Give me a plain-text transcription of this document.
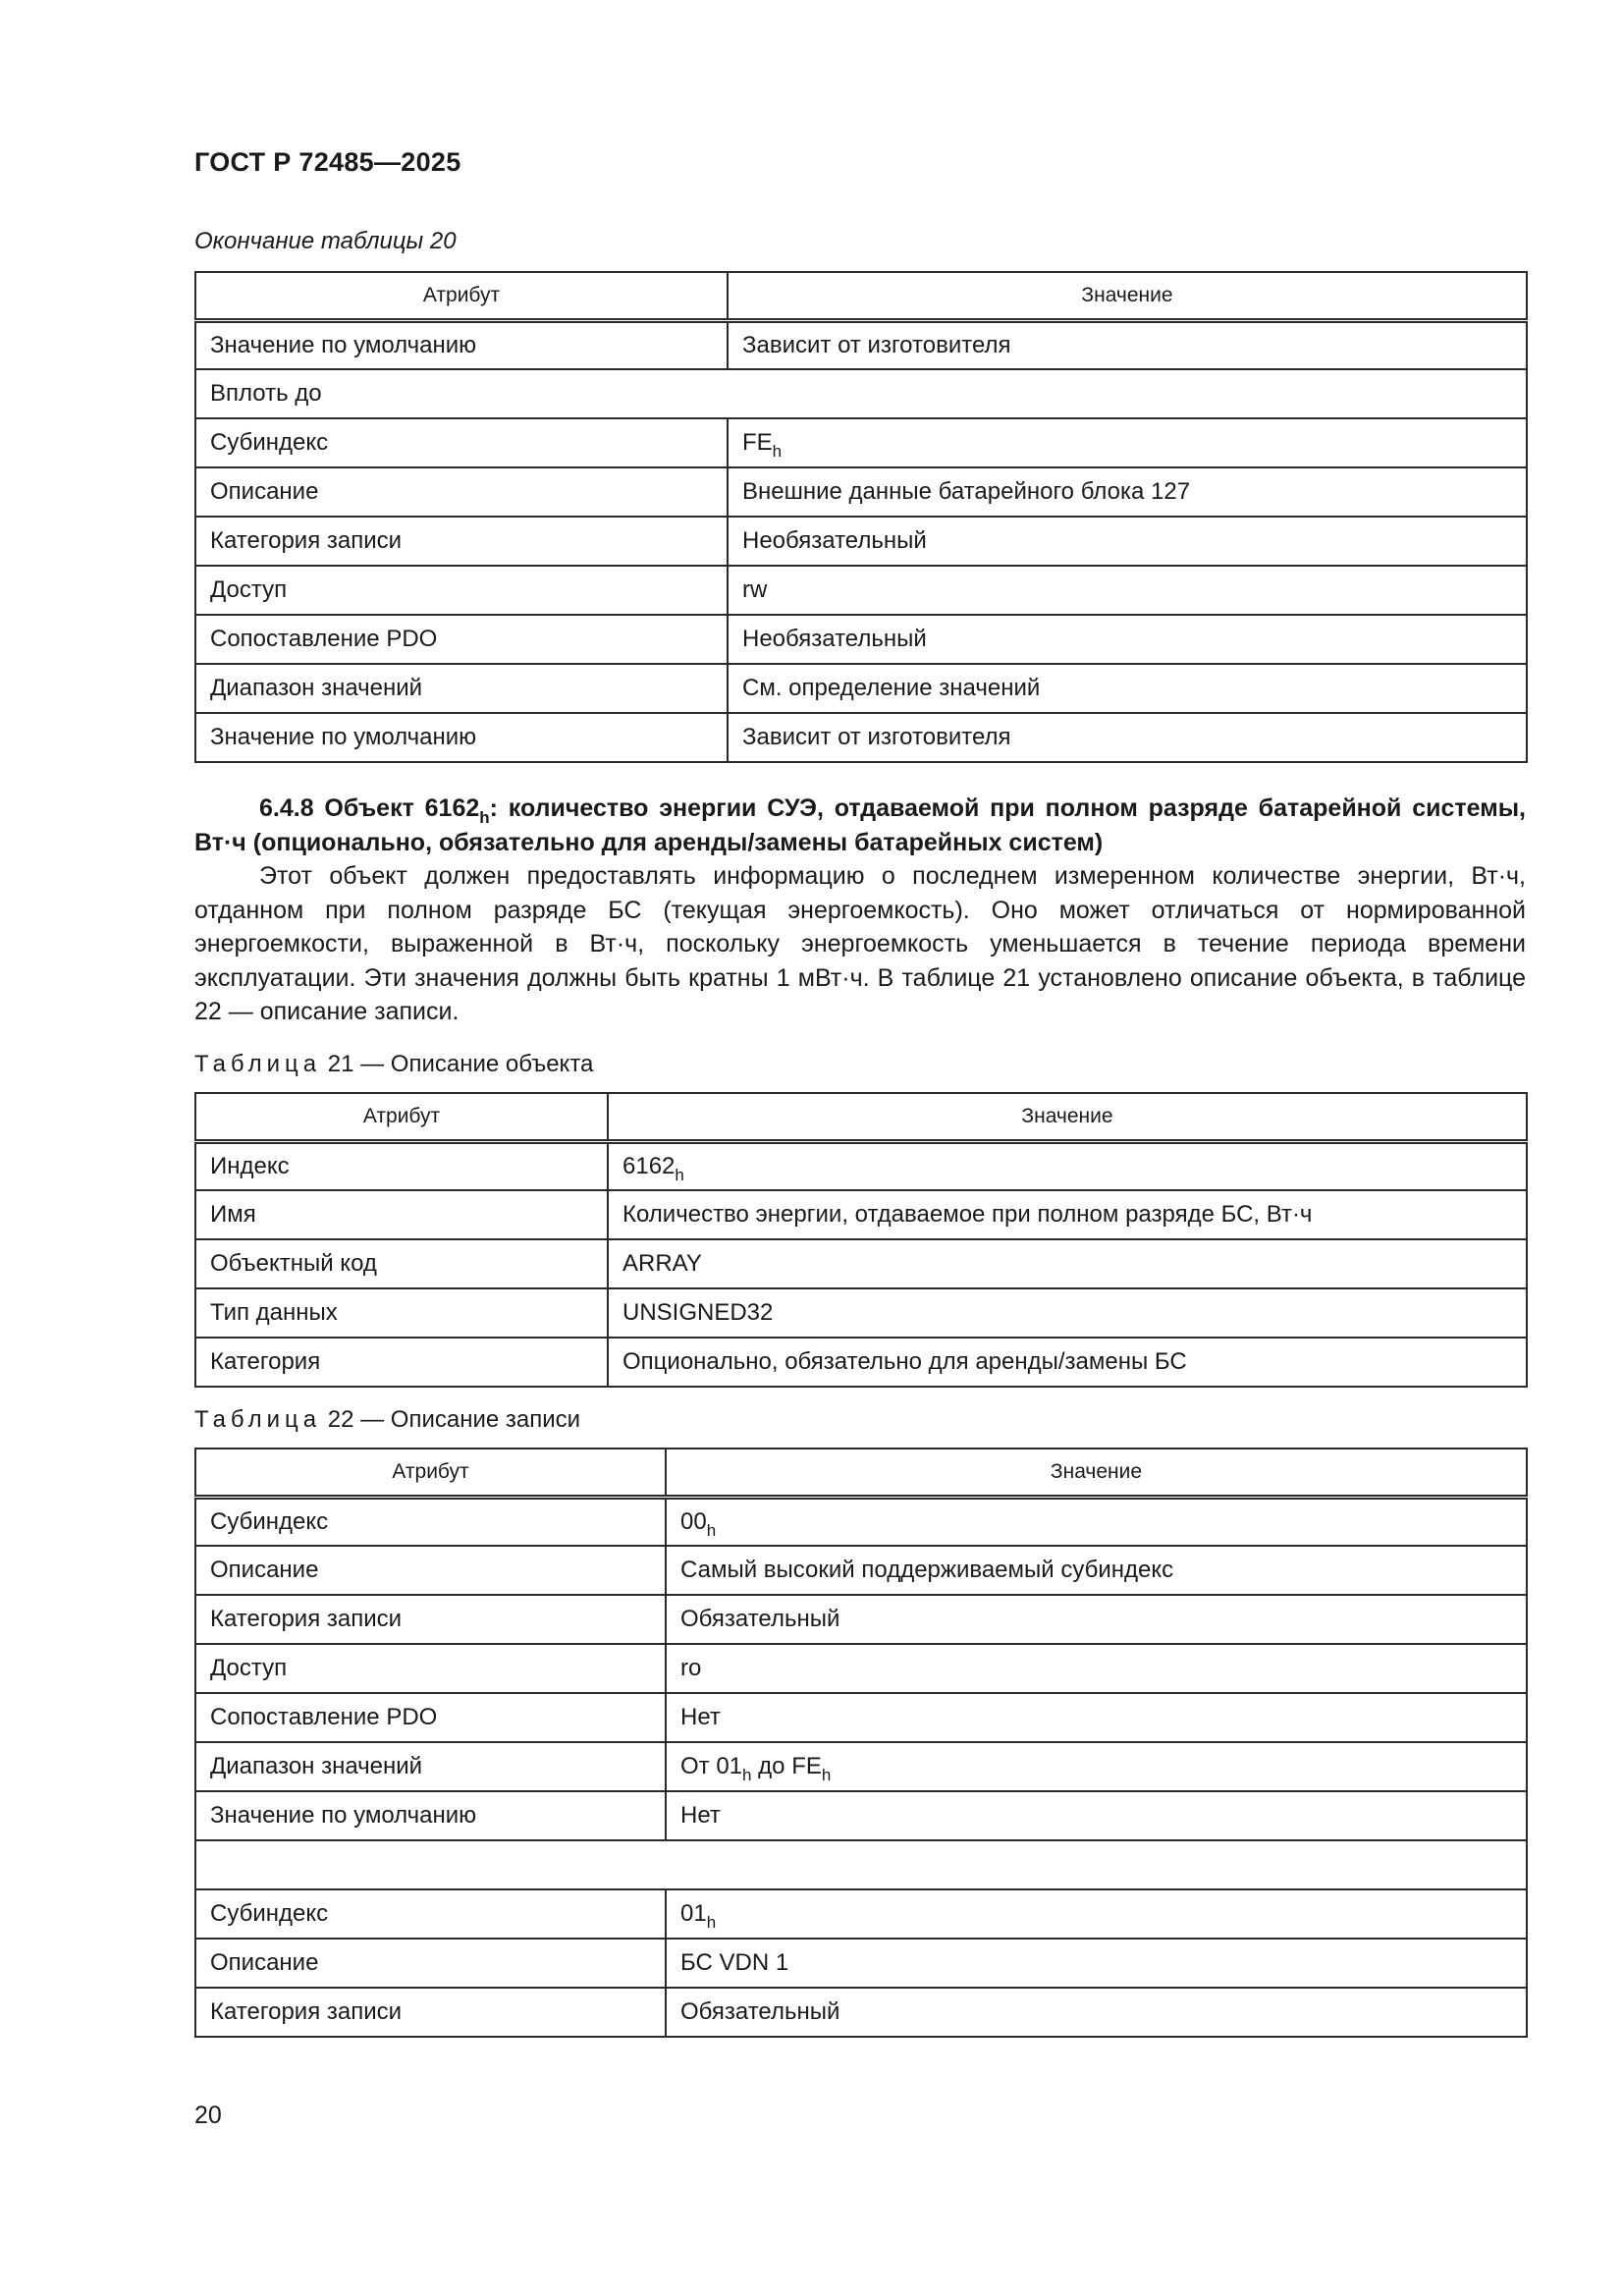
ГОСТ Р 72485—2025
Окончание таблицы 20
Атрибут	Значение
Значение по умолчанию	Зависит от изготовителя
Вплоть до	
Субиндекс	$FE_h$
Описание	Внешние данные батарейного блока 127
Категория записи	Необязательный
Доступ	rw
Сопоставление PDO	Необязательный
Диапазон значений	См. определение значений
Значение по умолчанию	Зависит от изготовителя

6.4.8 Объект $6162_h$: количество энергии СУЭ, отдаваемой при полном разряде батарейной системы, Вт·ч (опционально, обязательно для аренды/замены батарейных систем)

Этот объект должен предоставлять информацию о последнем измеренном количестве энергии, Вт·ч, отданном при полном разряде БС (текущая энергоемкость). Оно может отличаться от нормированной энергоемкости, выраженной в Вт·ч, поскольку энергоемкость уменьшается в течение периода времени эксплуатации. Эти значения должны быть кратны 1 мВт·ч. В таблице 21 установлено описание объекта, в таблице 22 — описание записи.

Таблица 21 — Описание объекта
Атрибут	Значение
Индекс	$6162_h$
Имя	Количество энергии, отдаваемое при полном разряде БС, Вт·ч
Объектный код	ARRAY
Тип данных	UNSIGNED32
Категория	Опционально, обязательно для аренды/замены БС
Таблица 22 — Описание записи
Атрибут	Значение
Субиндекс	$00_h$
Описание	Самый высокий поддерживаемый субиндекс
Категория записи	Обязательный
Доступ	ro
Сопоставление PDO	Нет
Диапазон значений	От $01_h$ до $FE_h$
Значение по умолчанию	Нет

Субиндекс	$01_h$
Описание	БС VDN 1
Категория записи	Обязательный
20
